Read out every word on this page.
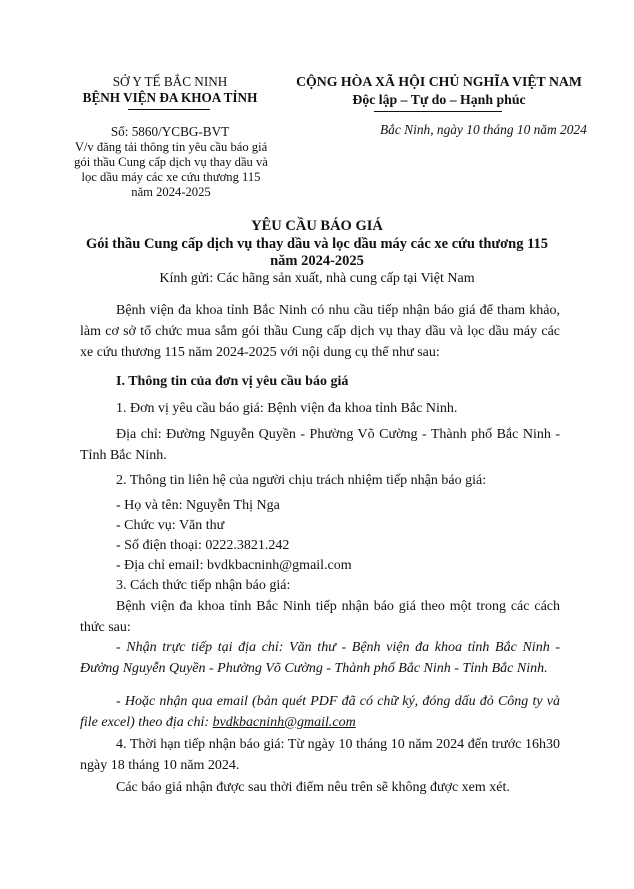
SỞ Y TẾ BẮC NINH
BỆNH VIỆN ĐA KHOA TỈNH
Số: 5860/YCBG-BVT
V/v đăng tải thông tin yêu cầu báo giá gói thầu Cung cấp dịch vụ thay dầu và lọc dầu máy các xe cứu thương 115 năm 2024-2025
CỘNG HÒA XÃ HỘI CHỦ NGHĨA VIỆT NAM
Độc lập – Tự do – Hạnh phúc
Bắc Ninh, ngày 10 tháng 10 năm 2024
YÊU CẦU BÁO GIÁ
Gói thầu Cung cấp dịch vụ thay dầu và lọc dầu máy các xe cứu thương 115
năm 2024-2025
Kính gửi: Các hãng sản xuất, nhà cung cấp tại Việt Nam

Bệnh viện đa khoa tỉnh Bắc Ninh có nhu cầu tiếp nhận báo giá để tham khảo, làm cơ sở tổ chức mua sắm gói thầu Cung cấp dịch vụ thay dầu và lọc dầu máy các xe cứu thương 115 năm 2024-2025 với nội dung cụ thể như sau:

I. Thông tin của đơn vị yêu cầu báo giá

1. Đơn vị yêu cầu báo giá: Bệnh viện đa khoa tỉnh Bắc Ninh.

Địa chỉ: Đường Nguyễn Quyền - Phường Võ Cường - Thành phố Bắc Ninh - Tỉnh Bắc Ninh.

2. Thông tin liên hệ của người chịu trách nhiệm tiếp nhận báo giá:

- Họ và tên: Nguyễn Thị Nga

- Chức vụ: Văn thư

- Số điện thoại: 0222.3821.242

- Địa chỉ email: bvdkbacninh@gmail.com

3. Cách thức tiếp nhận báo giá:

Bệnh viện đa khoa tỉnh Bắc Ninh tiếp nhận báo giá theo một trong các cách thức sau:

- Nhận trực tiếp tại địa chỉ: Văn thư - Bệnh viện đa khoa tỉnh Bắc Ninh - Đường Nguyễn Quyền - Phường Võ Cường - Thành phố Bắc Ninh - Tỉnh Bắc Ninh.

- Hoặc nhận qua email (bản quét PDF đã có chữ ký, đóng dấu đỏ Công ty và file excel) theo địa chỉ: bvdkbacninh@gmail.com

4. Thời hạn tiếp nhận báo giá: Từ ngày 10 tháng 10 năm 2024 đến trước 16h30 ngày 18 tháng 10 năm 2024.

Các báo giá nhận được sau thời điểm nêu trên sẽ không được xem xét.
